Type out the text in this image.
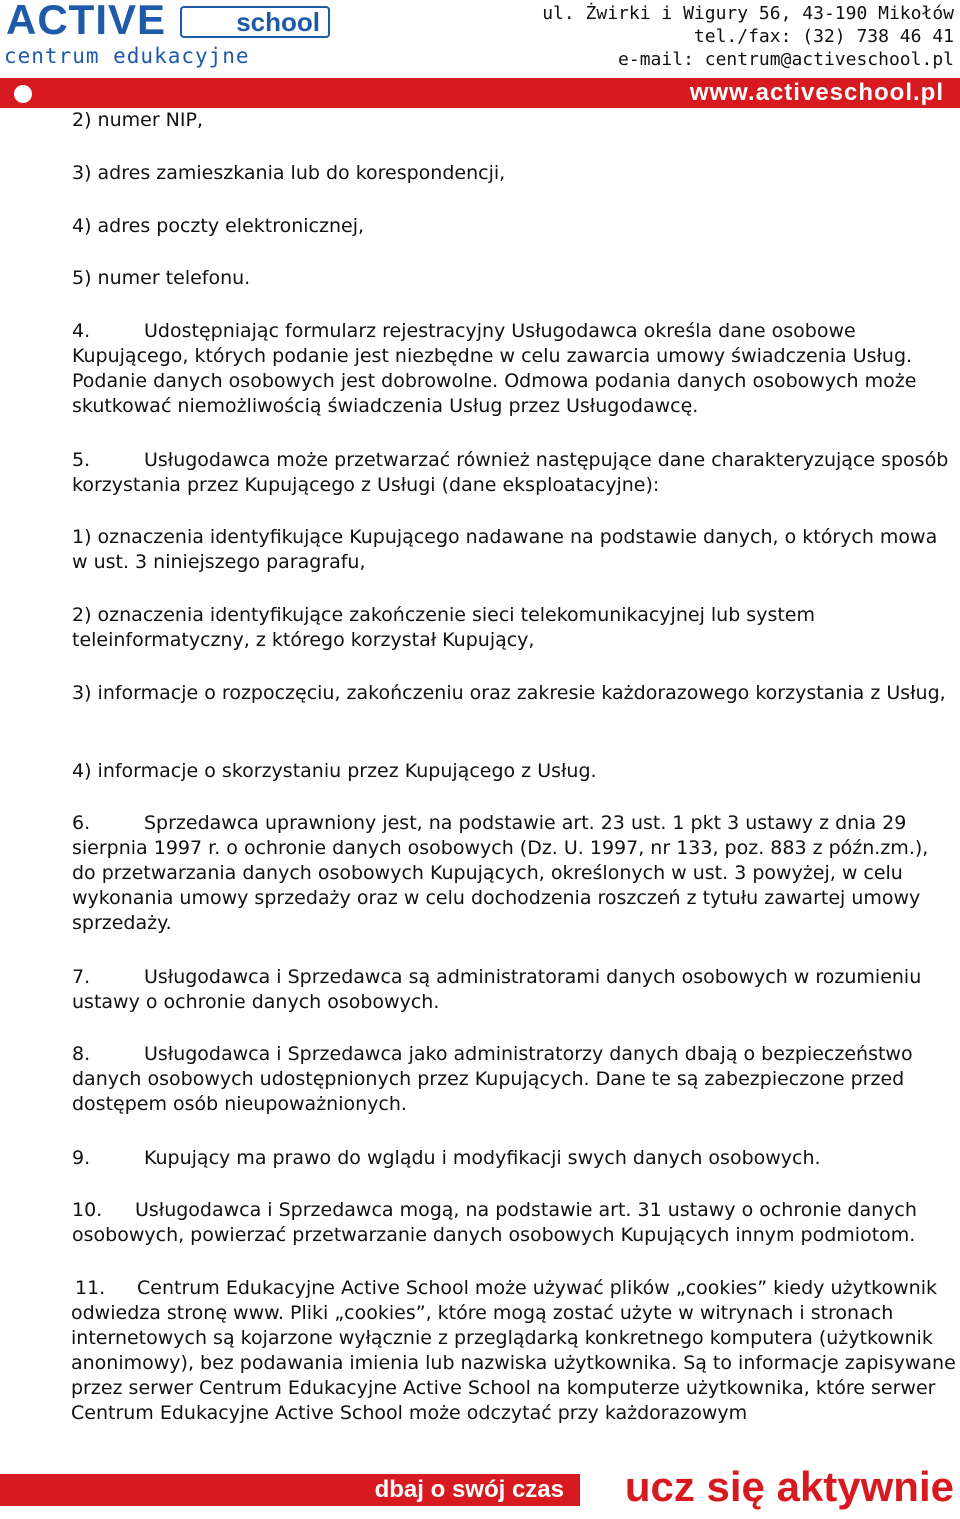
ACTIVE	school
centrum edukacyjne
ul. Żwirki i Wigury 56, 43-190 Mikołów
tel./fax: (32) 738 46 41
e-mail: centrum@activeschool.pl
www.activeschool.pl

2) numer NIP,

3) adres zamieszkania lub do korespondencji,

4) adres poczty elektronicznej,

5) numer telefonu.

4.	Udostępniając formularz rejestracyjny Usługodawca określa dane osobowe Kupującego, których podanie jest niezbędne w celu zawarcia umowy świadczenia Usług. Podanie danych osobowych jest dobrowolne. Odmowa podania danych osobowych może skutkować niemożliwością świadczenia Usług przez Usługodawcę.

5.	Usługodawca może przetwarzać również następujące dane charakteryzujące sposób korzystania przez Kupującego z Usługi (dane eksploatacyjne):

1) oznaczenia identyfikujące Kupującego nadawane na podstawie danych, o których mowa w ust. 3 niniejszego paragrafu,

2) oznaczenia identyfikujące zakończenie sieci telekomunikacyjnej lub system teleinformatyczny, z którego korzystał Kupujący,

3) informacje o rozpoczęciu, zakończeniu oraz zakresie każdorazowego korzystania z Usług,

4) informacje o skorzystaniu przez Kupującego z Usług.

6.	Sprzedawca uprawniony jest, na podstawie art. 23 ust. 1 pkt 3 ustawy z dnia 29 sierpnia 1997 r. o ochronie danych osobowych (Dz. U. 1997, nr 133, poz. 883 z późn.zm.), do przetwarzania danych osobowych Kupujących, określonych w ust. 3 powyżej, w celu wykonania umowy sprzedaży oraz w celu dochodzenia roszczeń z tytułu zawartej umowy sprzedaży.

7.	Usługodawca i Sprzedawca są administratorami danych osobowych w rozumieniu ustawy o ochronie danych osobowych.

8.	Usługodawca i Sprzedawca jako administratorzy danych dbają o bezpieczeństwo danych osobowych udostępnionych przez Kupujących. Dane te są zabezpieczone przed dostępem osób nieupoważnionych.

9.	Kupujący ma prawo do wglądu i modyfikacji swych danych osobowych.

10. Usługodawca i Sprzedawca mogą, na podstawie art. 31 ustawy o ochronie danych osobowych, powierzać przetwarzanie danych osobowych Kupujących innym podmiotom.

11. Centrum Edukacyjne Active School może używać plików „cookies” kiedy użytkownik odwiedza stronę www. Pliki „cookies”, które mogą zostać użyte w witrynach i stronach internetowych są kojarzone wyłącznie z przeglądarką konkretnego komputera (użytkownik anonimowy), bez podawania imienia lub nazwiska użytkownika. Są to informacje zapisywane przez serwer Centrum Edukacyjne Active School na komputerze użytkownika, które serwer Centrum Edukacyjne Active School może odczytać przy każdorazowym

dbaj o swój czas ucz się aktywnie
